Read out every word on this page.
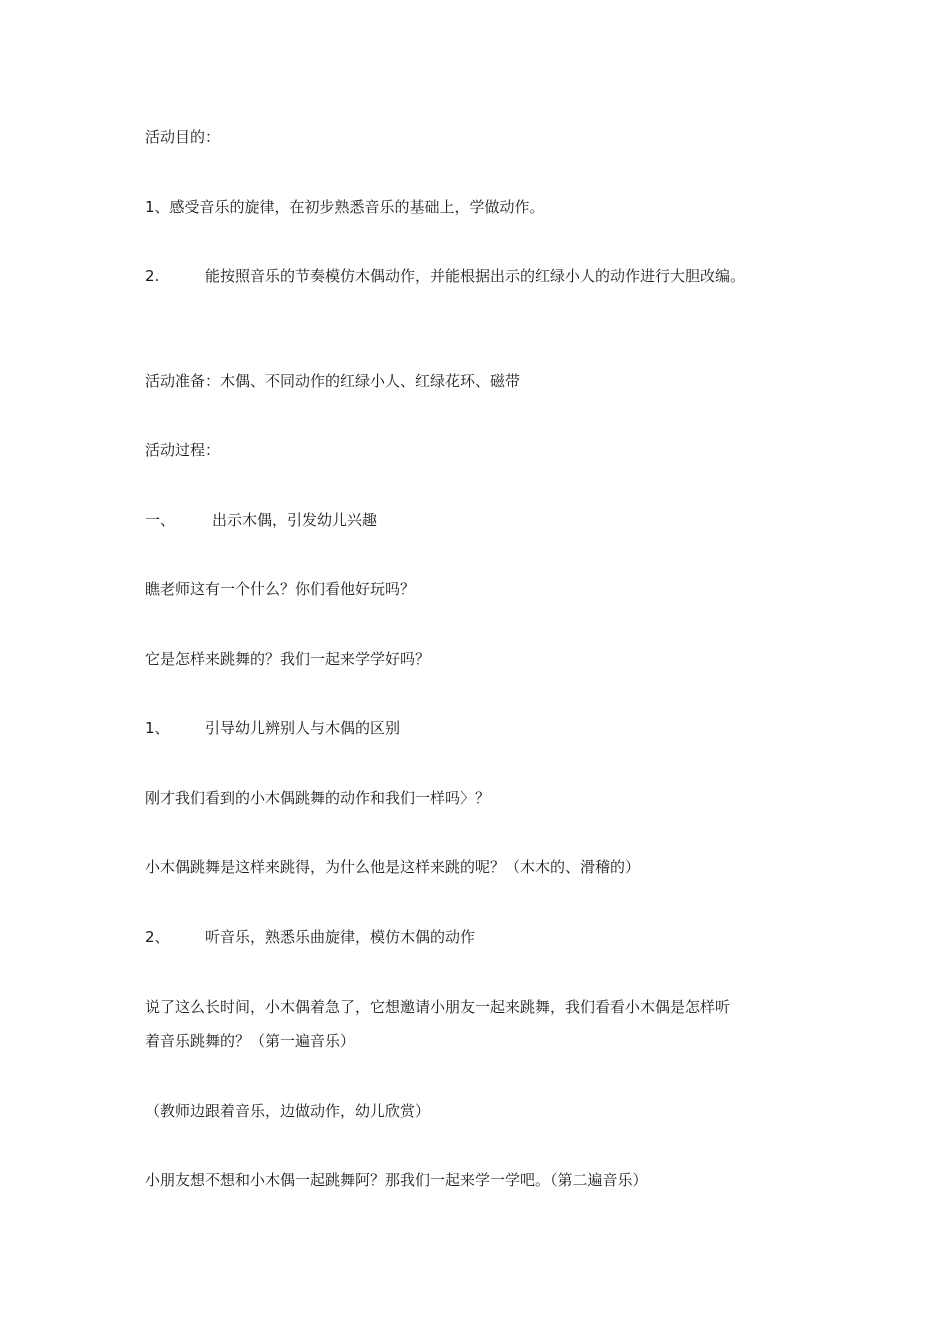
活动目的：
1、感受音乐的旋律，在初步熟悉音乐的基础上，学做动作。
2.	能按照音乐的节奏模仿木偶动作，并能根据出示的红绿小人的动作进行大胆改编。
活动准备：木偶、不同动作的红绿小人、红绿花环、磁带
活动过程：
一、 出示木偶，引发幼儿兴趣
瞧老师这有一个什么？你们看他好玩吗？
它是怎样来跳舞的？我们一起来学学好吗？
1、 引导幼儿辨别人与木偶的区别
刚才我们看到的小木偶跳舞的动作和我们一样吗〉？
小木偶跳舞是这样来跳得，为什么他是这样来跳的呢？（木木的、滑稽的）
2、 听音乐，熟悉乐曲旋律，模仿木偶的动作
说了这么长时间，小木偶着急了，它想邀请小朋友一起来跳舞，我们看看小木偶是怎样听
着音乐跳舞的？（第一遍音乐）
（教师边跟着音乐，边做动作，幼儿欣赏）
小朋友想不想和小木偶一起跳舞阿？那我们一起来学一学吧。（第二遍音乐）
